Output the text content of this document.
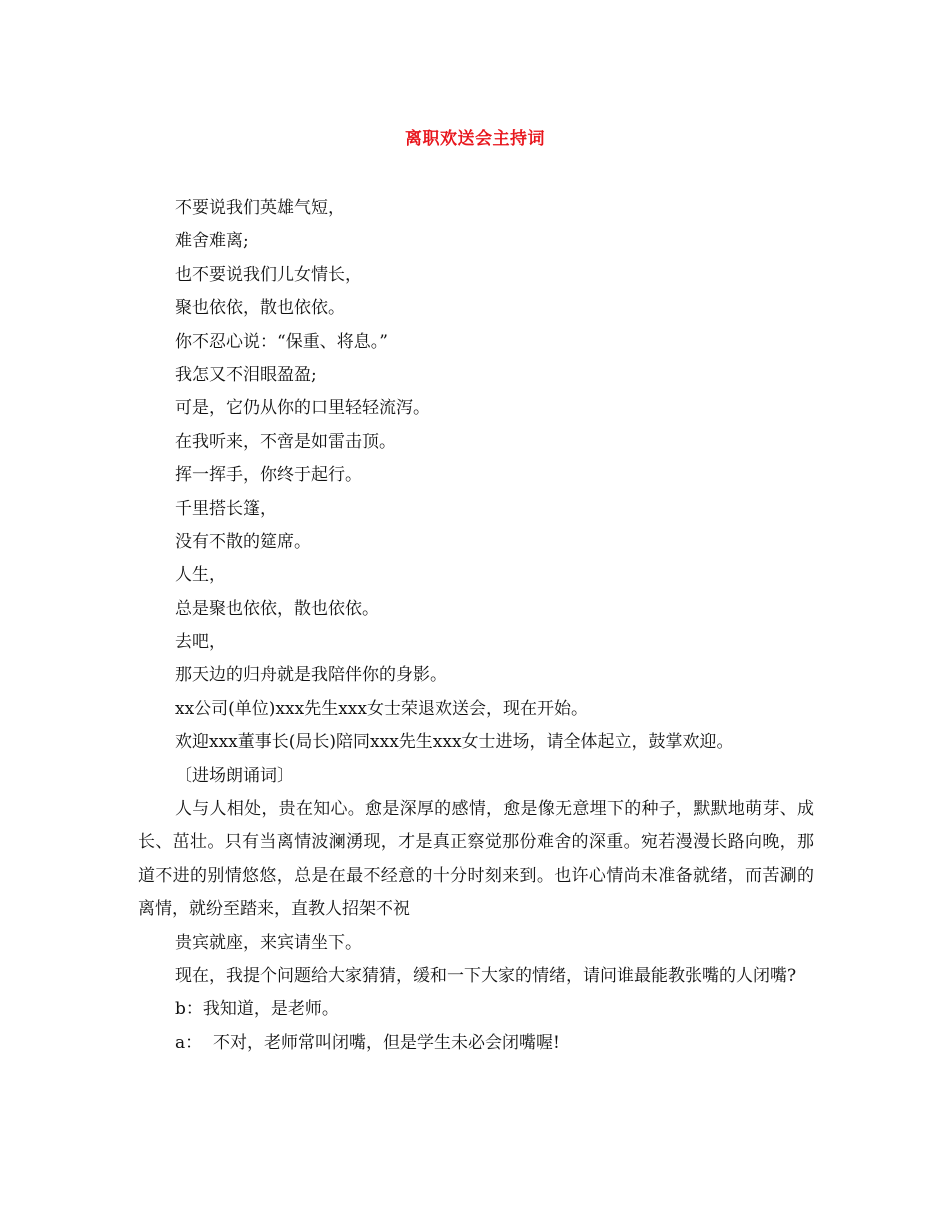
离职欢送会主持词
不要说我们英雄气短，
难舍难离;
也不要说我们儿女情长，
聚也依依，散也依依。
你不忍心说：“保重、将息。”
我怎又不泪眼盈盈;
可是，它仍从你的口里轻轻流泻。
在我听来，不啻是如雷击顶。
挥一挥手，你终于起行。
千里搭长篷，
没有不散的筵席。
人生，
总是聚也依依，散也依依。
去吧，
那天边的归舟就是我陪伴你的身影。
xx公司(单位)xxx先生xxx女士荣退欢送会，现在开始。
欢迎xxx董事长(局长)陪同xxx先生xxx女士进场，请全体起立，鼓掌欢迎。
〔进场朗诵词〕
人与人相处，贵在知心。愈是深厚的感情，愈是像无意埋下的种子，默默地萌芽、成长、茁壮。只有当离情波澜湧现，才是真正察觉那份难舍的深重。宛若漫漫长路向晚，那道不进的别情悠悠，总是在最不经意的十分时刻来到。也许心情尚未准备就绪，而苦涮的离情，就纷至踏来，直教人招架不祝
贵宾就座，来宾请坐下。
现在，我提个问题给大家猜猜，缓和一下大家的情绪，请问谁最能教张嘴的人闭嘴?
b：我知道，是老师。
a：  不对，老师常叫闭嘴，但是学生未必会闭嘴喔!
